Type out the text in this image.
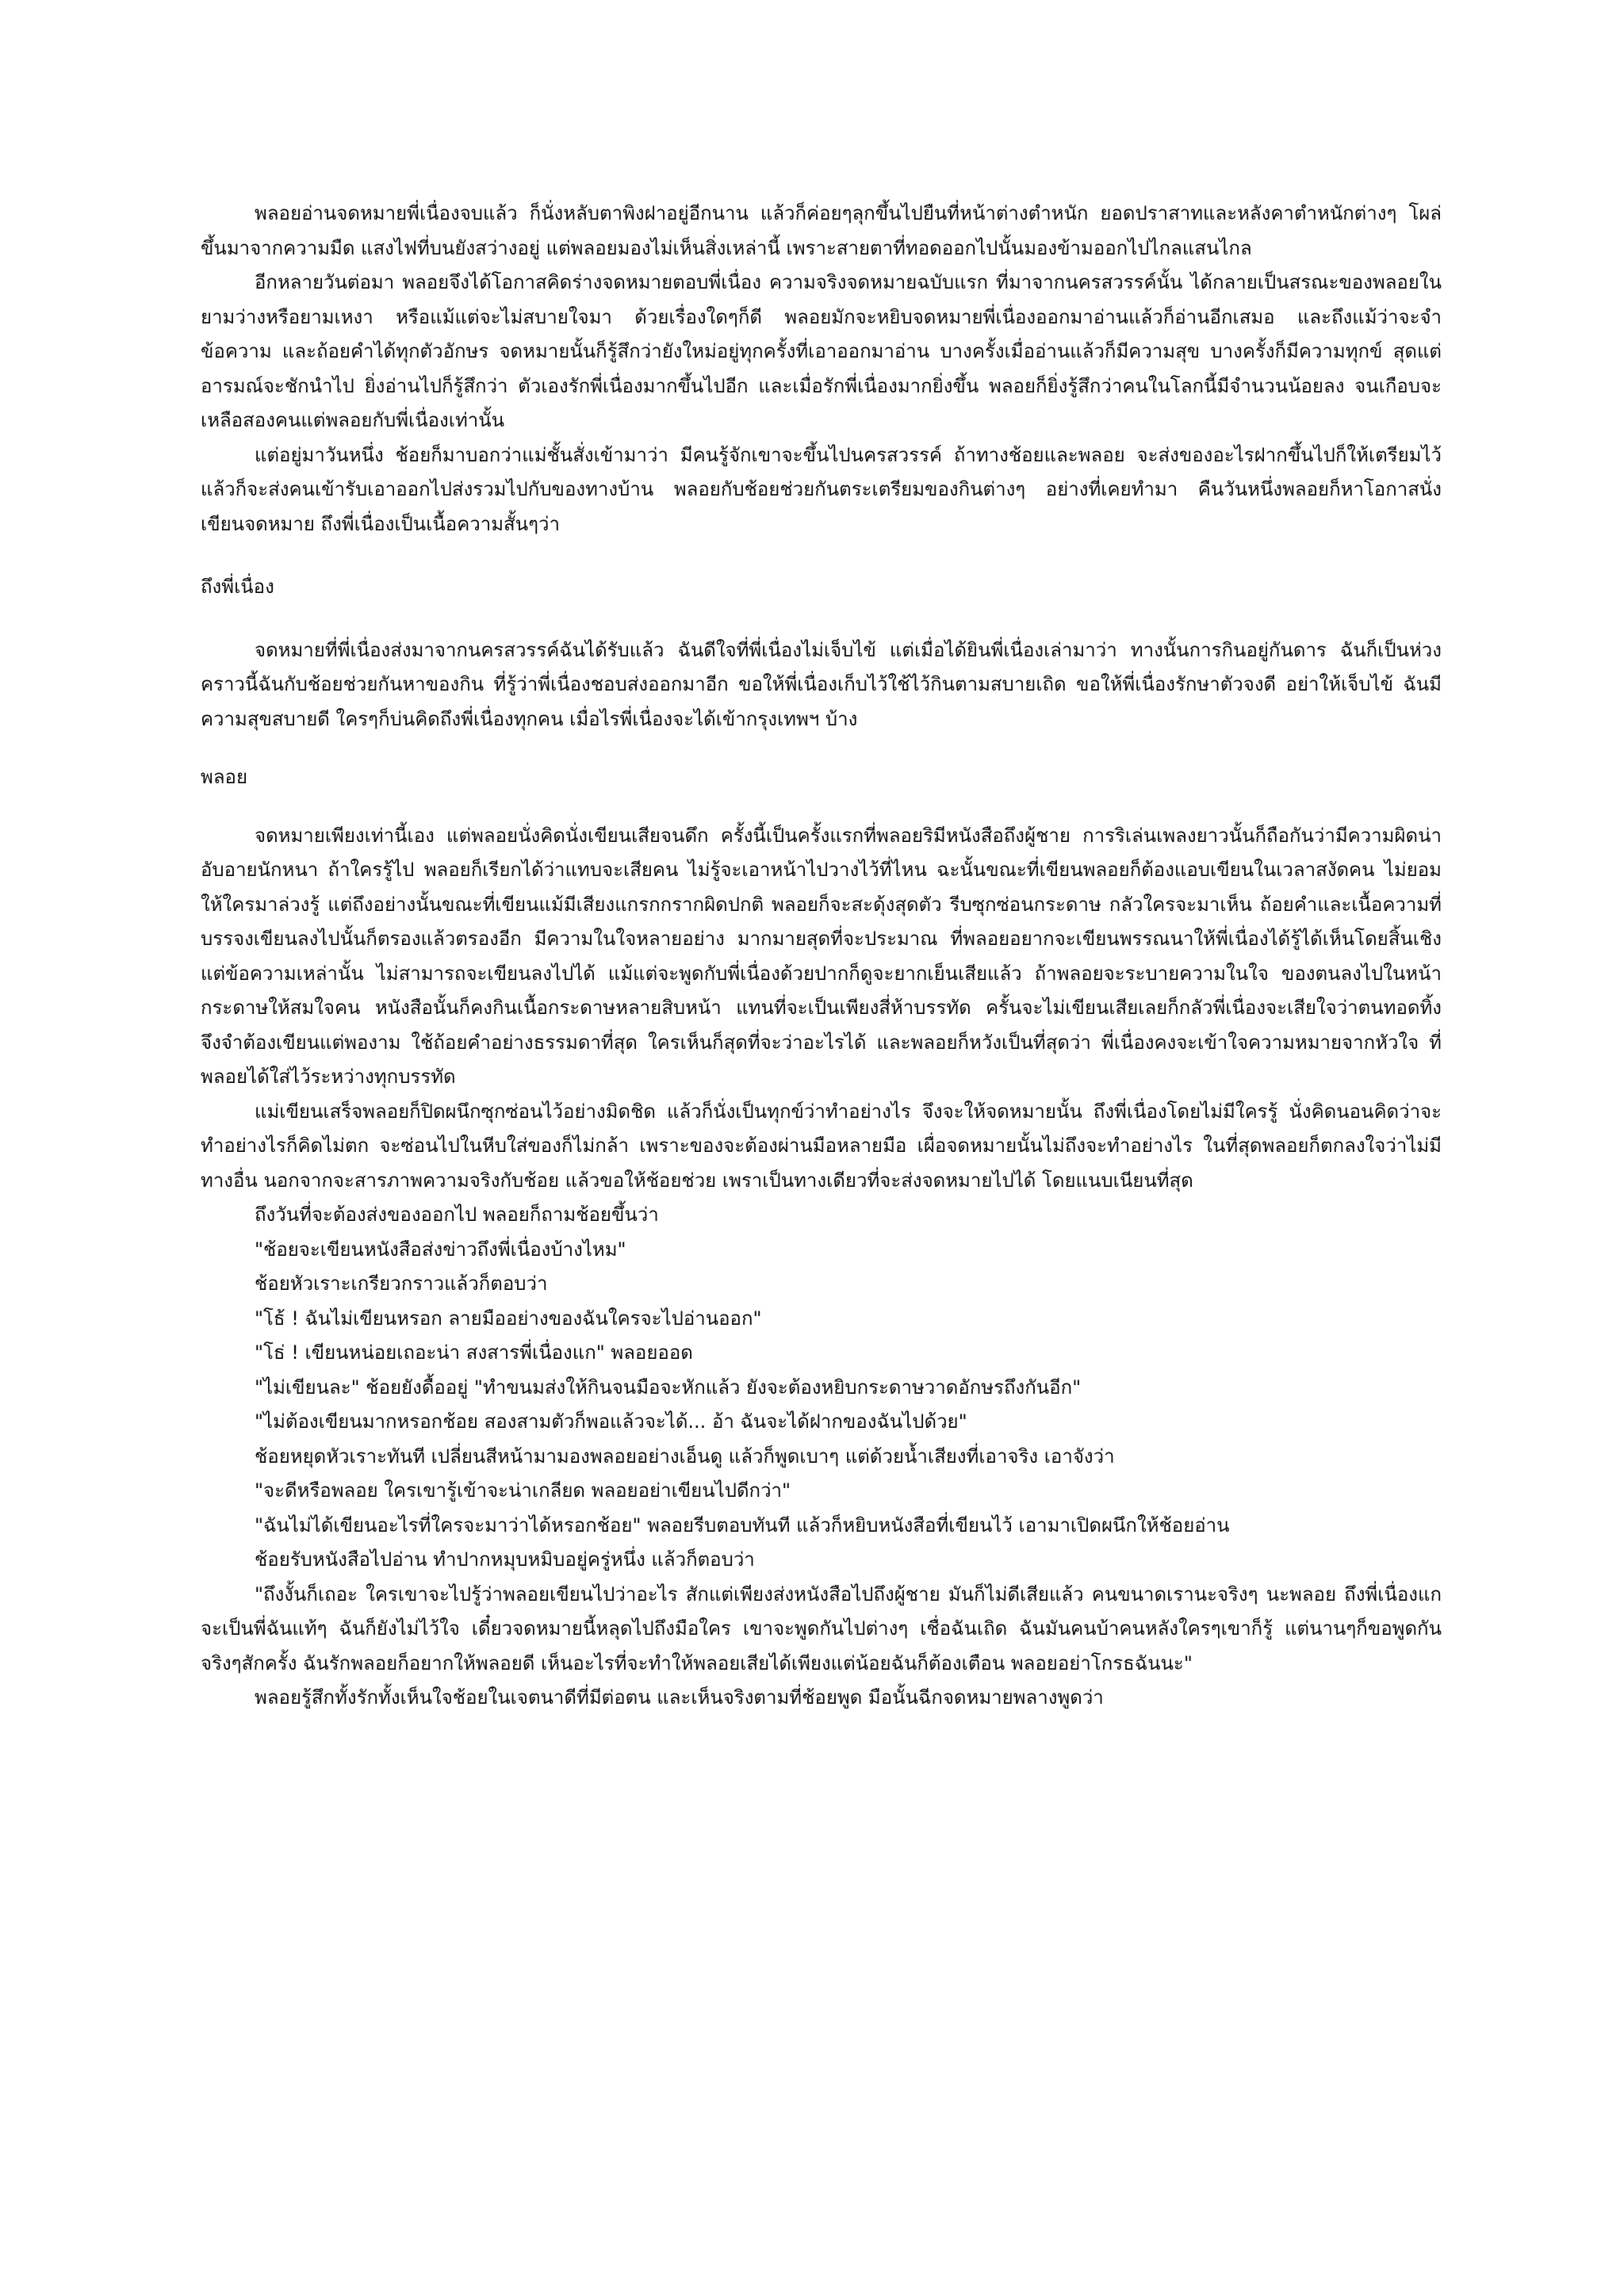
พลอยอ่านจดหมายพี่เนื่องจบแล้ว ก็นั่งหลับตาพิงฝาอยู่อีกนาน แล้วก็ค่อยๆลุกขึ้นไปยืนที่หน้าต่างตำหนัก ยอดปราสาทและหลังคาตำหนักต่างๆ โผล่ขึ้นมาจากความมืด แสงไฟที่บนยังสว่างอยู่ แต่พลอยมองไม่เห็นสิ่งเหล่านี้ เพราะสายตาที่ทอดออกไปนั้นมองข้ามออกไปไกลแสนไกล

อีกหลายวันต่อมา พลอยจึงได้โอกาสคิดร่างจดหมายตอบพี่เนื่อง ความจริงจดหมายฉบับแรก ที่มาจากนครสวรรค์นั้น ได้กลายเป็นสรณะของพลอยในยามว่างหรือยามเหงา หรือแม้แต่จะไม่สบายใจมา ด้วยเรื่องใดๆก็ดี พลอยมักจะหยิบจดหมายพี่เนื่องออกมาอ่านแล้วก็อ่านอีกเสมอ และถึงแม้ว่าจะจำข้อความ และถ้อยคำได้ทุกตัวอักษร จดหมายนั้นก็รู้สึกว่ายังใหม่อยู่ทุกครั้งที่เอาออกมาอ่าน บางครั้งเมื่ออ่านแล้วก็มีความสุข บางครั้งก็มีความทุกข์ สุดแต่อารมณ์จะชักนำไป ยิ่งอ่านไปก็รู้สึกว่า ตัวเองรักพี่เนื่องมากขึ้นไปอีก และเมื่อรักพี่เนื่องมากยิ่งขึ้น พลอยก็ยิ่งรู้สึกว่าคนในโลกนี้มีจำนวนน้อยลง จนเกือบจะเหลือสองคนแต่พลอยกับพี่เนื่องเท่านั้น

แต่อยู่มาวันหนึ่ง ช้อยก็มาบอกว่าแม่ชั้นสั่งเข้ามาว่า มีคนรู้จักเขาจะขึ้นไปนครสวรรค์ ถ้าทางช้อยและพลอย จะส่งของอะไรฝากขึ้นไปก็ให้เตรียมไว้ แล้วก็จะส่งคนเข้ารับเอาออกไปส่งรวมไปกับของทางบ้าน พลอยกับช้อยช่วยกันตระเตรียมของกินต่างๆ อย่างที่เคยทำมา คืนวันหนึ่งพลอยก็หาโอกาสนั่งเขียนจดหมาย ถึงพี่เนื่องเป็นเนื้อความสั้นๆว่า

ถึงพี่เนื่อง

จดหมายที่พี่เนื่องส่งมาจากนครสวรรค์ฉันได้รับแล้ว ฉันดีใจที่พี่เนื่องไม่เจ็บไข้ แต่เมื่อได้ยินพี่เนื่องเล่ามาว่า ทางนั้นการกินอยู่กันดาร ฉันก็เป็นห่วง คราวนี้ฉันกับช้อยช่วยกันหาของกิน ที่รู้ว่าพี่เนื่องชอบส่งออกมาอีก ขอให้พี่เนื่องเก็บไว้ใช้ไว้กินตามสบายเถิด ขอให้พี่เนื่องรักษาตัวจงดี อย่าให้เจ็บไข้ ฉันมีความสุขสบายดี ใครๆก็บ่นคิดถึงพี่เนื่องทุกคน เมื่อไรพี่เนื่องจะได้เข้ากรุงเทพฯ บ้าง

พลอย

จดหมายเพียงเท่านี้เอง แต่พลอยนั่งคิดนั่งเขียนเสียจนดึก ครั้งนี้เป็นครั้งแรกที่พลอยริมีหนังสือถึงผู้ชาย การริเล่นเพลงยาวนั้นก็ถือกันว่ามีความผิดน่าอับอายนักหนา ถ้าใครรู้ไป พลอยก็เรียกได้ว่าแทบจะเสียคน ไม่รู้จะเอาหน้าไปวางไว้ที่ไหน ฉะนั้นขณะที่เขียนพลอยก็ต้องแอบเขียนในเวลาสงัดคน ไม่ยอมให้ใครมาล่วงรู้ แต่ถึงอย่างนั้นขณะที่เขียนแม้มีเสียงแกรกกรากผิดปกติ พลอยก็จะสะดุ้งสุดตัว รีบซุกซ่อนกระดาษ กลัวใครจะมาเห็น ถ้อยคำและเนื้อความที่บรรจงเขียนลงไปนั้นก็ตรองแล้วตรองอีก มีความในใจหลายอย่าง มากมายสุดที่จะประมาณ ที่พลอยอยากจะเขียนพรรณนาให้พี่เนื่องได้รู้ได้เห็นโดยสิ้นเชิง แต่ข้อความเหล่านั้น ไม่สามารถจะเขียนลงไปได้ แม้แต่จะพูดกับพี่เนื่องด้วยปากก็ดูจะยากเย็นเสียแล้ว ถ้าพลอยจะระบายความในใจ ของตนลงไปในหน้ากระดาษให้สมใจคน หนังสือนั้นก็คงกินเนื้อกระดาษหลายสิบหน้า แทนที่จะเป็นเพียงสี่ห้าบรรทัด ครั้นจะไม่เขียนเสียเลยก็กลัวพี่เนื่องจะเสียใจว่าตนทอดทิ้ง จึงจำต้องเขียนแต่พองาม ใช้ถ้อยคำอย่างธรรมดาที่สุด ใครเห็นก็สุดที่จะว่าอะไรได้ และพลอยก็หวังเป็นที่สุดว่า พี่เนื่องคงจะเข้าใจความหมายจากหัวใจ ที่พลอยได้ใส่ไว้ระหว่างทุกบรรทัด

แม่เขียนเสร็จพลอยก็ปิดผนึกซุกซ่อนไว้อย่างมิดชิด แล้วก็นั่งเป็นทุกข์ว่าทำอย่างไร จึงจะให้จดหมายนั้น ถึงพี่เนื่องโดยไม่มีใครรู้ นั่งคิดนอนคิดว่าจะทำอย่างไรก็คิดไม่ตก จะซ่อนไปในหีบใส่ของก็ไม่กล้า เพราะของจะต้องผ่านมือหลายมือ เผื่อจดหมายนั้นไม่ถึงจะทำอย่างไร ในที่สุดพลอยก็ตกลงใจว่าไม่มีทางอื่น นอกจากจะสารภาพความจริงกับช้อย แล้วขอให้ช้อยช่วย เพราเป็นทางเดียวที่จะส่งจดหมายไปได้ โดยแนบเนียนที่สุด

ถึงวันที่จะต้องส่งของออกไป พลอยก็ถามช้อยขึ้นว่า

"ช้อยจะเขียนหนังสือส่งข่าวถึงพี่เนื่องบ้างไหม"

ช้อยหัวเราะเกรียวกราวแล้วก็ตอบว่า

"โธ้ ! ฉันไม่เขียนหรอก ลายมืออย่างของฉันใครจะไปอ่านออก"

"โธ่ ! เขียนหน่อยเถอะน่า สงสารพี่เนื่องแก" พลอยออด

"ไม่เขียนละ" ช้อยยังดื้ออยู่ "ทำขนมส่งให้กินจนมือจะหักแล้ว ยังจะต้องหยิบกระดาษวาดอักษรถึงกันอีก"

"ไม่ต้องเขียนมากหรอกช้อย สองสามตัวก็พอแล้วจะได้... อ้า ฉันจะได้ฝากของฉันไปด้วย"

ช้อยหยุดหัวเราะทันที เปลี่ยนสีหน้ามามองพลอยอย่างเอ็นดู แล้วก็พูดเบาๆ แต่ด้วยน้ำเสียงที่เอาจริง เอาจังว่า

"จะดีหรือพลอย ใครเขารู้เข้าจะน่าเกลียด พลอยอย่าเขียนไปดีกว่า"

"ฉันไม่ได้เขียนอะไรที่ใครจะมาว่าได้หรอกช้อย" พลอยรีบตอบทันที แล้วก็หยิบหนังสือที่เขียนไว้ เอามาเปิดผนึกให้ช้อยอ่าน

ช้อยรับหนังสือไปอ่าน ทำปากหมุบหมิบอยู่ครู่หนึ่ง แล้วก็ตอบว่า

"ถึงงั้นก็เถอะ ใครเขาจะไปรู้ว่าพลอยเขียนไปว่าอะไร สักแต่เพียงส่งหนังสือไปถึงผู้ชาย มันก็ไม่ดีเสียแล้ว คนขนาดเรานะจริงๆ นะพลอย ถึงพี่เนื่องแกจะเป็นพี่ฉันแท้ๆ ฉันก็ยังไม่ไว้ใจ เดี๋ยวจดหมายนี้หลุดไปถึงมือใคร เขาจะพูดกันไปต่างๆ เชื่อฉันเถิด ฉันมันคนบ้าคนหลังใครๆเขาก็รู้ แต่นานๆก็ขอพูดกันจริงๆสักครั้ง ฉันรักพลอยก็อยากให้พลอยดี เห็นอะไรที่จะทำให้พลอยเสียได้เพียงแต่น้อยฉันก็ต้องเตือน พลอยอย่าโกรธฉันนะ"

พลอยรู้สึกทั้งรักทั้งเห็นใจช้อยในเจตนาดีที่มีต่อตน และเห็นจริงตามที่ช้อยพูด มือนั้นฉีกจดหมายพลางพูดว่า
